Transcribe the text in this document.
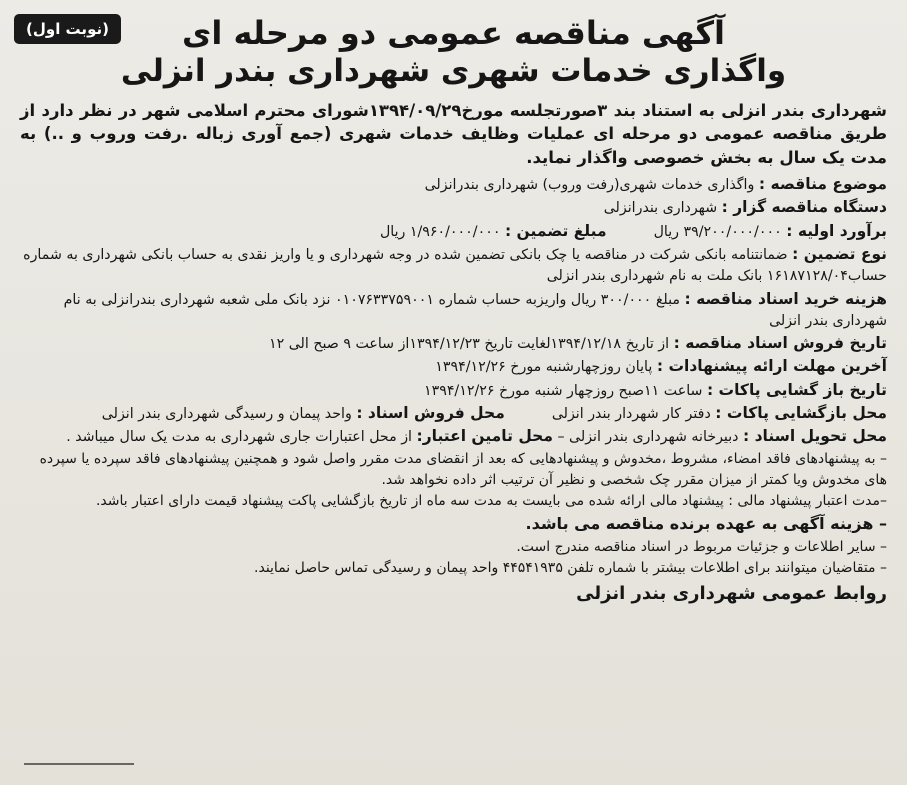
(نوبت اول)	آگهی مناقصه عمومی دو مرحله ای
واگذاری خدمات شهری شهرداری بندر انزلی

شهرداری بندر انزلی به استناد بند ۳صورتجلسه مورخ۱۳۹۴/۰۹/۲۹شورای محترم اسلامی شهر در نظر دارد از طریق مناقصه عمومی دو مرحله ای عملیات وظایف خدمات شهری (جمع آوری زباله .رفت وروب و ..) به مدت یک سال به بخش خصوصی واگذار نماید.

موضوع مناقصه : واگذاری خدمات شهری(رفت وروب) شهرداری بندرانزلی

دستگاه مناقصه گزار : شهرداری بندرانزلی

برآورد اولیه : ۳۹/۲۰۰/۰۰۰/۰۰۰ ریال  مبلغ تضمین : ۱/۹۶۰/۰۰۰/۰۰۰ ریال

نوع تضمین : ضمانتنامه بانکی شرکت در مناقصه یا چک بانکی تضمین شده در وجه شهرداری و یا واریز نقدی به حساب بانکی شهرداری به شماره حساب۱۶۱۸۷۱۲۸/۰۴ بانک ملت به نام شهرداری بندر انزلی

هزینه خرید اسناد مناقصه : مبلغ ۳۰۰/۰۰۰ ریال واریزبه حساب شماره ۰۱۰۷۶۳۳۷۵۹۰۰۱ نزد بانک ملی شعبه شهرداری بندرانزلی به نام شهرداری بندر انزلی

تاریخ فروش اسناد مناقصه : از تاریخ ۱۳۹۴/۱۲/۱۸لغایت تاریخ ۱۳۹۴/۱۲/۲۳از ساعت ۹ صبح الی ۱۲

آخرین مهلت ارائه پیشنهادات : پایان روزچهارشنبه مورخ ۱۳۹۴/۱۲/۲۶

تاریخ باز گشایی پاکات : ساعت ۱۱صبح روزچهار شنبه مورخ ۱۳۹۴/۱۲/۲۶

محل بازگشایی پاکات : دفتر کار شهردار بندر انزلی  محل فروش اسناد : واحد پیمان و رسیدگی شهرداری بندر انزلی

محل تحویل اسناد : دبیرخانه شهرداری بندر انزلی – محل تامین اعتبار: از محل اعتبارات جاری شهرداری به مدت یک سال میباشد .

– به پیشنهادهای فاقد امضاء، مشروط ،مخدوش و پیشنهادهایی که بعد از انقضای مدت مقرر واصل شود و همچنین پیشنهادهای فاقد سپرده یا سپرده های مخدوش ویا کمتر از میزان مقرر چک شخصی و نظیر آن ترتیب اثر داده نخواهد شد.

–مدت اعتبار پیشنهاد مالی : پیشنهاد مالی ارائه شده می بایست به مدت سه ماه از تاریخ بازگشایی پاکت پیشنهاد قیمت دارای اعتبار باشد.

– هزینه آگهی به عهده برنده مناقصه می باشد.

– سایر اطلاعات و جزئیات مربوط در اسناد مناقصه مندرج است.

– متقاضیان میتوانند برای اطلاعات بیشتر با شماره تلفن ۴۴۵۴۱۹۳۵ واحد پیمان و رسیدگی تماس حاصل نمایند.

روابط عمومی شهرداری بندر انزلی
